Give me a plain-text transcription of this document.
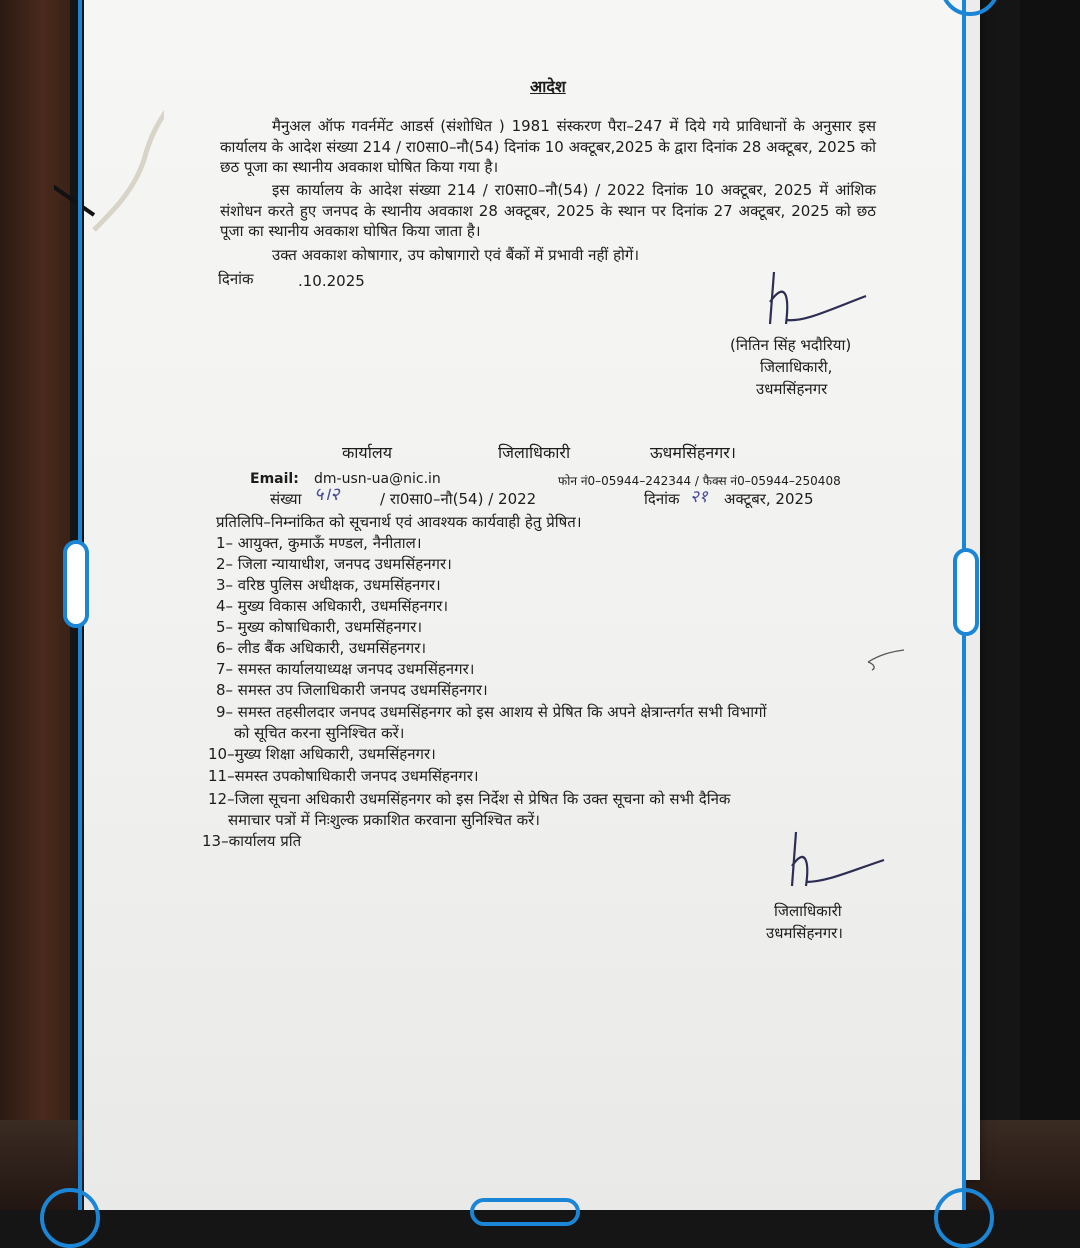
आदेश
मैनुअल ऑफ गवर्नमेंट आडर्स (संशोधित ) 1981 संस्करण पैरा–247 में दिये गये प्राविधानों के अनुसार इस कार्यालय के आदेश संख्या 214 / रा0सा0–नौ(54) दिनांक 10 अक्टूबर,2025 के द्वारा दिनांक 28 अक्टूबर, 2025 को छठ पूजा का स्थानीय अवकाश घोषित किया गया है।
इस कार्यालय के आदेश संख्या 214 / रा0सा0–नौ(54) / 2022 दिनांक 10 अक्टूबर, 2025 में आंशिक संशोधन करते हुए जनपद के स्थानीय अवकाश 28 अक्टूबर, 2025 के स्थान पर दिनांक 27 अक्टूबर, 2025 को छठ पूजा का स्थानीय अवकाश घोषित किया जाता है।
उक्त अवकाश कोषागार, उप कोषागारो एवं बैंकों में प्रभावी नहीं होगें।
दिनांक	.10.2025
(नितिन सिंह भदौरिया)
जिलाधिकारी,
उधमसिंहनगर
कार्यालय	जिलाधिकारी	ऊधमसिंहनगर।
Email: dm-usn-ua@nic.in	फोन नं0–05944–242344 / फैक्स नं0–05944–250408
संख्या ५।२	/ रा0सा0–नौ(54) / 2022	दिनांक २१ अक्टूबर, 2025
प्रतिलिपि–निम्नांकित को सूचनार्थ एवं आवश्यक कार्यवाही हेतु प्रेषित।
1– आयुक्त, कुमाऊँ मण्डल, नैनीताल।
2– जिला न्यायाधीश, जनपद उधमसिंहनगर।
3– वरिष्ठ पुलिस अधीक्षक, उधमसिंहनगर।
4– मुख्य विकास अधिकारी, उधमसिंहनगर।
5– मुख्य कोषाधिकारी, उधमसिंहनगर।
6– लीड बैंक अधिकारी, उधमसिंहनगर।
7– समस्त कार्यालयाध्यक्ष जनपद उधमसिंहनगर।
8– समस्त उप जिलाधिकारी जनपद उधमसिंहनगर।
9– समस्त तहसीलदार जनपद उधमसिंहनगर को इस आशय से प्रेषित कि अपने क्षेत्रान्तर्गत सभी विभागों
को सूचित करना सुनिश्चित करें।
10–मुख्य शिक्षा अधिकारी, उधमसिंहनगर।
11–समस्त उपकोषाधिकारी जनपद उधमसिंहनगर।
12–जिला सूचना अधिकारी उधमसिंहनगर को इस निर्देश से प्रेषित कि उक्त सूचना को सभी दैनिक
समाचार पत्रों में निःशुल्क प्रकाशित करवाना सुनिश्चित करें।
13–कार्यालय प्रति
जिलाधिकारी
उधमसिंहनगर।
